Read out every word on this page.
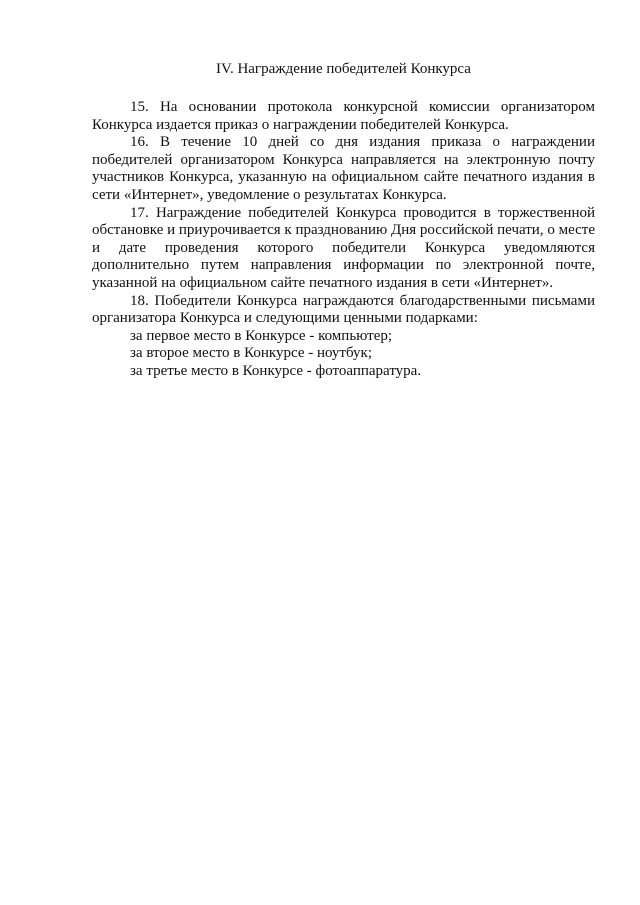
IV. Награждение победителей Конкурса

15. На основании протокола конкурсной комиссии организатором Конкурса издается приказ о награждении победителей Конкурса.

16. В течение 10 дней со дня издания приказа о награждении победителей организатором Конкурса направляется на электронную почту участников Конкурса, указанную на официальном сайте печатного издания в сети «Интернет», уведомление о результатах Конкурса.

17. Награждение победителей Конкурса проводится в торжественной обстановке и приурочивается к празднованию Дня российской печати, о месте и дате проведения которого победители Конкурса уведомляются дополнительно путем направления информации по электронной почте, указанной на официальном сайте печатного издания в сети «Интернет».

18. Победители Конкурса награждаются благодарственными письмами организатора Конкурса и следующими ценными подарками:

за первое место в Конкурсе - компьютер;
за второе место в Конкурсе - ноутбук;
за третье место в Конкурсе - фотоаппаратура.
